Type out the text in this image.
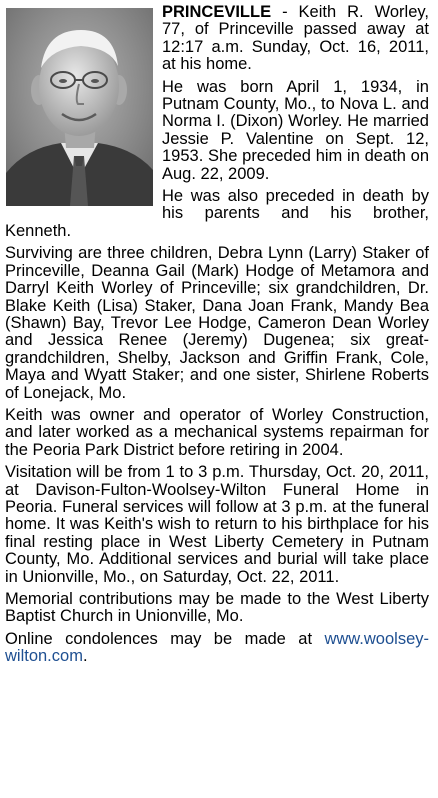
PRINCEVILLE - Keith R. Worley, 77, of Princeville passed away at 12:17 a.m. Sunday, Oct. 16, 2011, at his home.

He was born April 1, 1934, in Putnam County, Mo., to Nova L. and Norma I. (Dixon) Worley. He married Jessie P. Valentine on Sept. 12, 1953. She preceded him in death on Aug. 22, 2009.

He was also preceded in death by his parents and his brother, Kenneth.

Surviving are three children, Debra Lynn (Larry) Staker of Princeville, Deanna Gail (Mark) Hodge of Metamora and Darryl Keith Worley of Princeville; six grandchildren, Dr. Blake Keith (Lisa) Staker, Dana Joan Frank, Mandy Bea (Shawn) Bay, Trevor Lee Hodge, Cameron Dean Worley and Jessica Renee (Jeremy) Dugenea; six great-grandchildren, Shelby, Jackson and Griffin Frank, Cole, Maya and Wyatt Staker; and one sister, Shirlene Roberts of Lonejack, Mo.

Keith was owner and operator of Worley Construction, and later worked as a mechanical systems repairman for the Peoria Park District before retiring in 2004.

Visitation will be from 1 to 3 p.m. Thursday, Oct. 20, 2011, at Davison-Fulton-Woolsey-Wilton Funeral Home in Peoria. Funeral services will follow at 3 p.m. at the funeral home. It was Keith's wish to return to his birthplace for his final resting place in West Liberty Cemetery in Putnam County, Mo. Additional services and burial will take place in Unionville, Mo., on Saturday, Oct. 22, 2011.

Memorial contributions may be made to the West Liberty Baptist Church in Unionville, Mo.

Online condolences may be made at www.woolsey-wilton.com.
